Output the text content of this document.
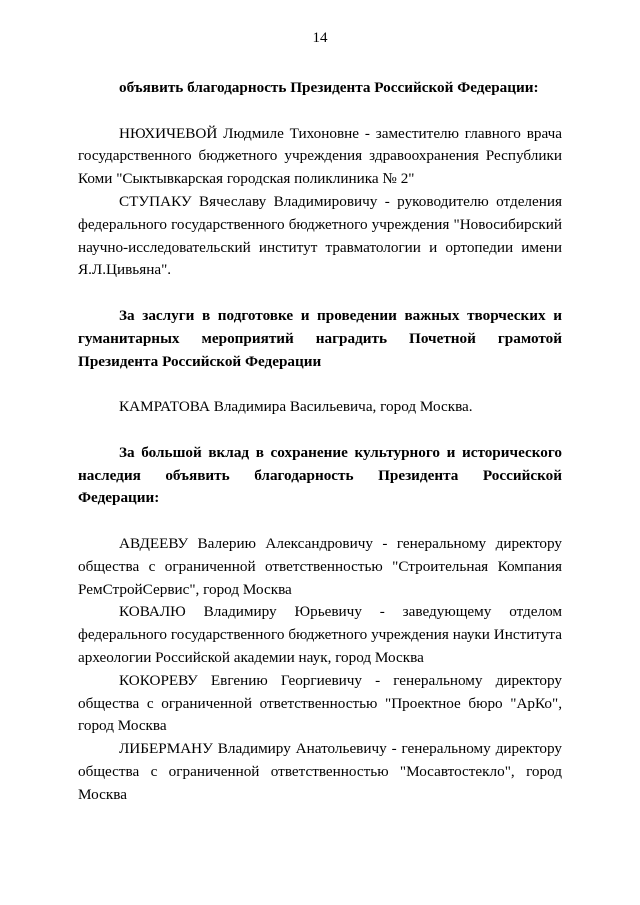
14

объявить благодарность Президента Российской Федерации:

НЮХИЧЕВОЙ Людмиле Тихоновне - заместителю главного врача государственного бюджетного учреждения здравоохранения Республики Коми "Сыктывкарская городская поликлиника № 2"

СТУПАКУ Вячеславу Владимировичу - руководителю отделения федерального государственного бюджетного учреждения "Новосибирский научно-исследовательский институт травматологии и ортопедии имени Я.Л.Цивьяна".

За заслуги в подготовке и проведении важных творческих и гуманитарных мероприятий наградить Почетной грамотой Президента Российской Федерации

КАМРАТОВА Владимира Васильевича, город Москва.

За большой вклад в сохранение культурного и исторического наследия объявить благодарность Президента Российской Федерации:

АВДЕЕВУ Валерию Александровичу - генеральному директору общества с ограниченной ответственностью "Строительная Компания РемСтройСервис", город Москва

КОВАЛЮ Владимиру Юрьевичу - заведующему отделом федерального государственного бюджетного учреждения науки Института археологии Российской академии наук, город Москва

КОКОРЕВУ Евгению Георгиевичу - генеральному директору общества с ограниченной ответственностью "Проектное бюро "АрКо", город Москва

ЛИБЕРМАНУ Владимиру Анатольевичу - генеральному директору общества с ограниченной ответственностью "Мосавтостекло", город Москва
